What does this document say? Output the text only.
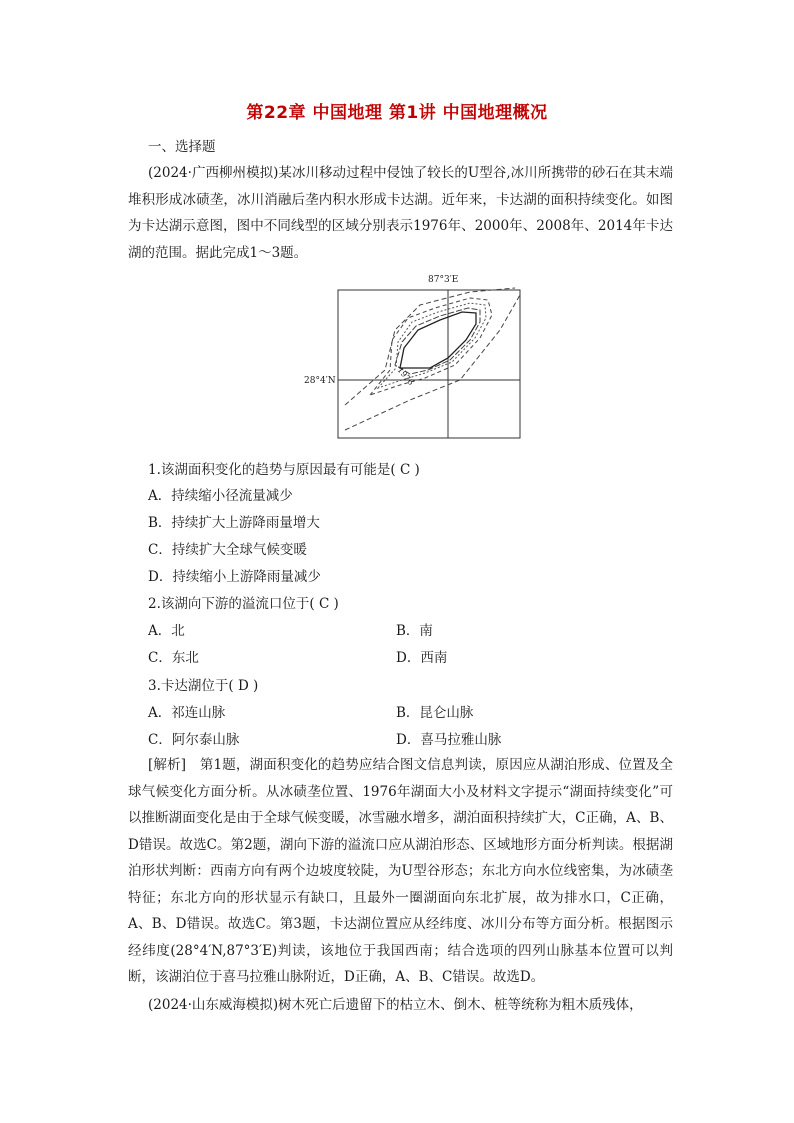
第22章 中国地理 第1讲 中国地理概况
一、选择题

(2024·广西柳州模拟)某冰川移动过程中侵蚀了较长的U型谷,冰川所携带的砂石在其末端堆积形成冰碛垄，冰川消融后垄内积水形成卡达湖。近年来，卡达湖的面积持续变化。如图为卡达湖示意图，图中不同线型的区域分别表示1976年、2000年、2008年、2014年卡达湖的范围。据此完成1～3题。

1976
87°3′E
28°4′N
1.该湖面积变化的趋势与原因最有可能是( C )
A．持续缩小径流量减少
B．持续扩大上游降雨量增大
C．持续扩大全球气候变暖
D．持续缩小上游降雨量减少
2.该湖向下游的溢流口位于( C )
A．北	B．南
C．东北	D．西南
3.卡达湖位于( D )
A．祁连山脉	B．昆仑山脉
C．阿尔泰山脉	D．喜马拉雅山脉

[解析]　第1题，湖面积变化的趋势应结合图文信息判读，原因应从湖泊形成、位置及全球气候变化方面分析。从冰碛垄位置、1976年湖面大小及材料文字提示“湖面持续变化”可以推断湖面变化是由于全球气候变暖，冰雪融水增多，湖泊面积持续扩大，C正确，A、B、D错误。故选C。第2题，湖向下游的溢流口应从湖泊形态、区域地形方面分析判读。根据湖泊形状判断：西南方向有两个边坡度较陡，为U型谷形态；东北方向水位线密集，为冰碛垄特征；东北方向的形状显示有缺口，且最外一圈湖面向东北扩展，故为排水口，C正确，A、B、D错误。故选C。第3题，卡达湖位置应从经纬度、冰川分布等方面分析。根据图示经纬度(28°4′N,87°3′E)判读，该地位于我国西南；结合选项的四列山脉基本位置可以判断，该湖泊位于喜马拉雅山脉附近，D正确，A、B、C错误。故选D。

(2024·山东威海模拟)树木死亡后遗留下的枯立木、倒木、桩等统称为粗木质残体，
